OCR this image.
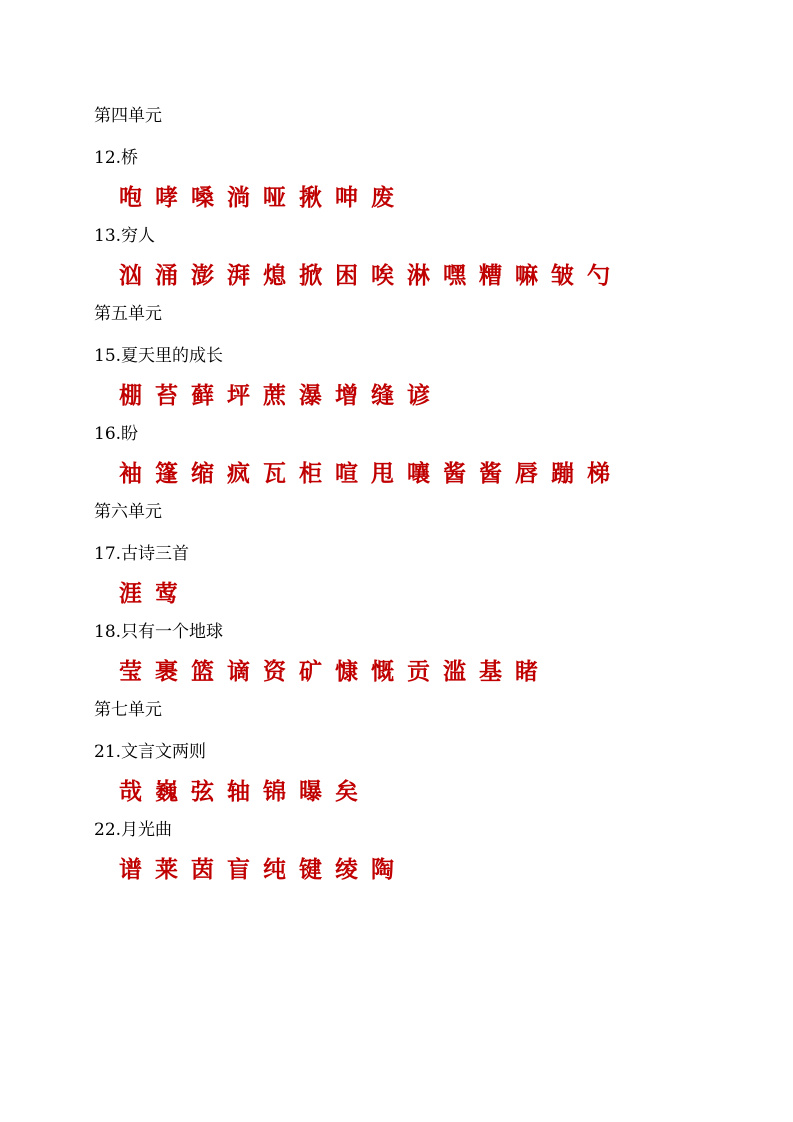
第四单元
12.桥
咆 哮 嗓 淌 哑 揪 呻 废
13.穷人
汹 涌 澎 湃 熄 掀 困 唉 淋 嘿 糟 嘛 皱 勺
第五单元
15.夏天里的成长
棚 苔 藓 坪 蔗 瀑 增 缝 谚
16.盼
袖 篷 缩 疯 瓦 柜 喧 甩 嚷 酱 酱 唇 蹦 梯
第六单元
17.古诗三首
涯 莺
18.只有一个地球
莹 裹 篮 谪 资 矿 慷 慨 贡 滥 基 睹
第七单元
21.文言文两则
哉 巍 弦 轴 锦 曝 矣
22.月光曲
谱 莱 茵 盲 纯 键 绫 陶
